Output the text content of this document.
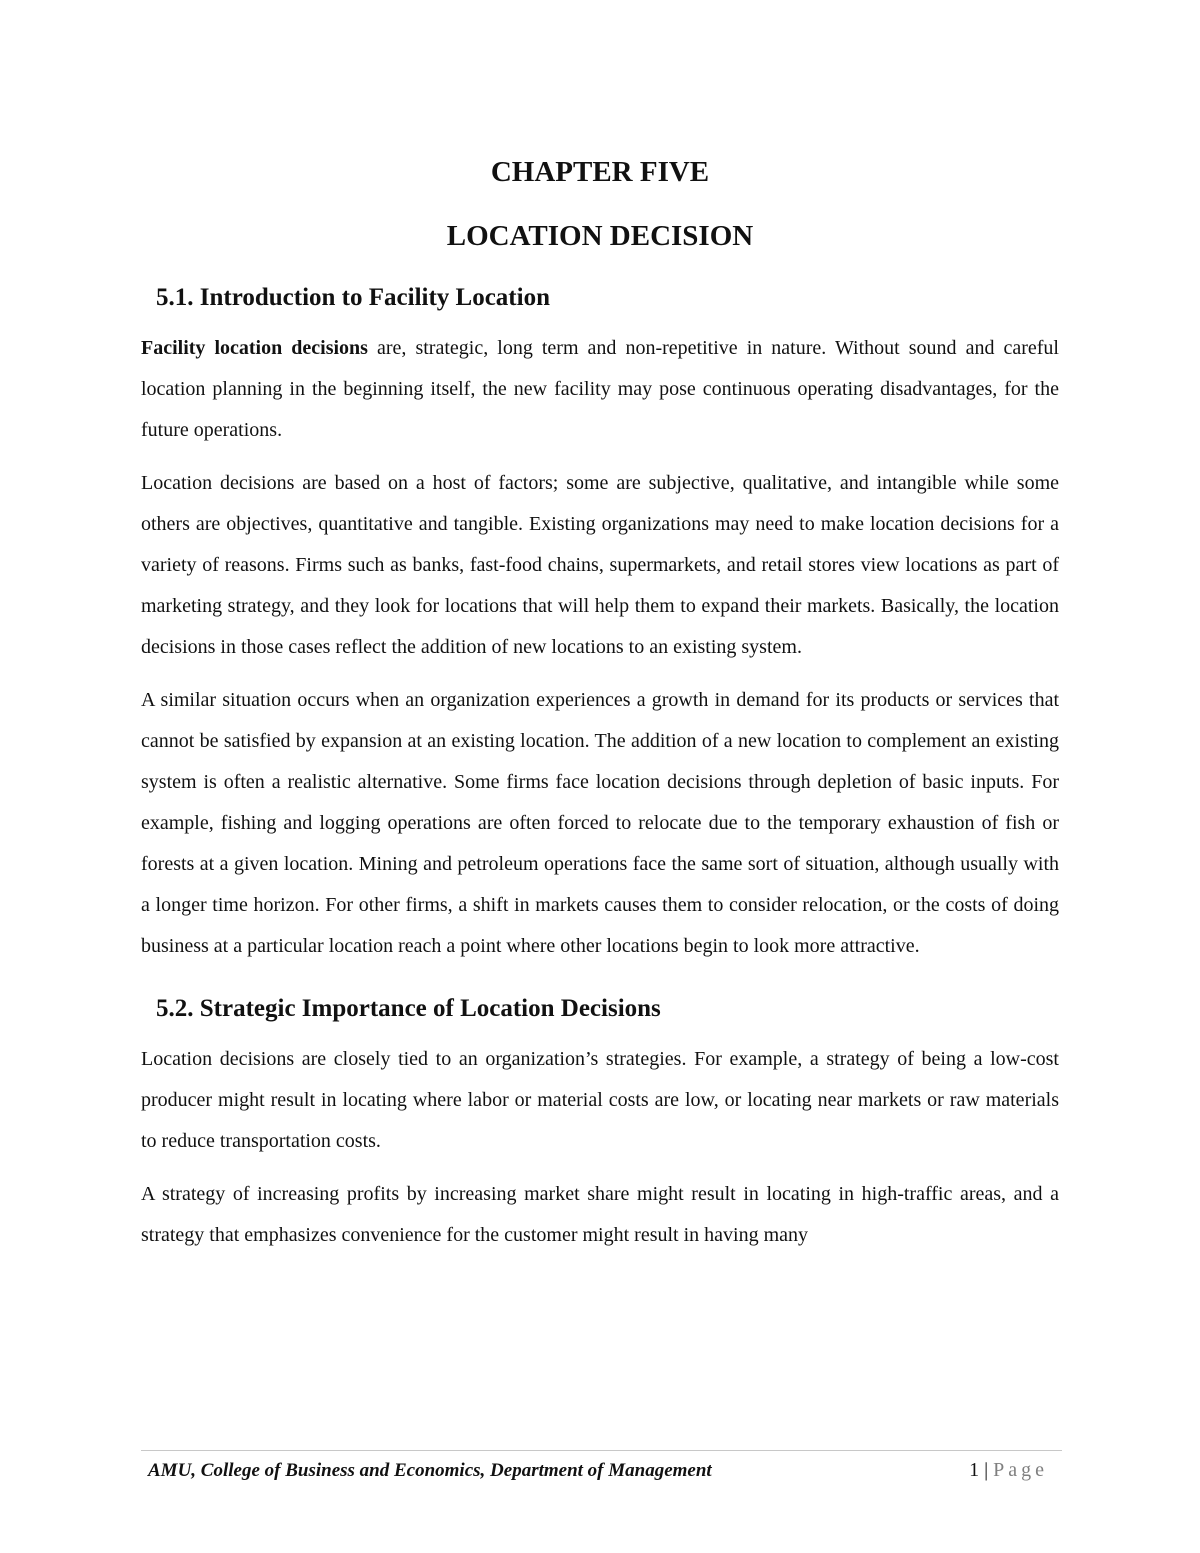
CHAPTER FIVE
LOCATION DECISION
5.1. Introduction to Facility Location

Facility location decisions are, strategic, long term and non-repetitive in nature. Without sound and careful location planning in the beginning itself, the new facility may pose continuous operating disadvantages, for the future operations.

Location decisions are based on a host of factors; some are subjective, qualitative, and intangible while some others are objectives, quantitative and tangible. Existing organizations may need to make location decisions for a variety of reasons. Firms such as banks, fast-food chains, supermarkets, and retail stores view locations as part of marketing strategy, and they look for locations that will help them to expand their markets. Basically, the location decisions in those cases reflect the addition of new locations to an existing system.

A similar situation occurs when an organization experiences a growth in demand for its products or services that cannot be satisfied by expansion at an existing location. The addition of a new location to complement an existing system is often a realistic alternative. Some firms face location decisions through depletion of basic inputs. For example, fishing and logging operations are often forced to relocate due to the temporary exhaustion of fish or forests at a given location. Mining and petroleum operations face the same sort of situation, although usually with a longer time horizon. For other firms, a shift in markets causes them to consider relocation, or the costs of doing business at a particular location reach a point where other locations begin to look more attractive.

5.2. Strategic Importance of Location Decisions

Location decisions are closely tied to an organization’s strategies. For example, a strategy of being a low-cost producer might result in locating where labor or material costs are low, or locating near markets or raw materials to reduce transportation costs.

A strategy of increasing profits by increasing market share might result in locating in high-traffic areas, and a strategy that emphasizes convenience for the customer might result in having many

AMU, College of Business and Economics, Department of Management	1 | Page
